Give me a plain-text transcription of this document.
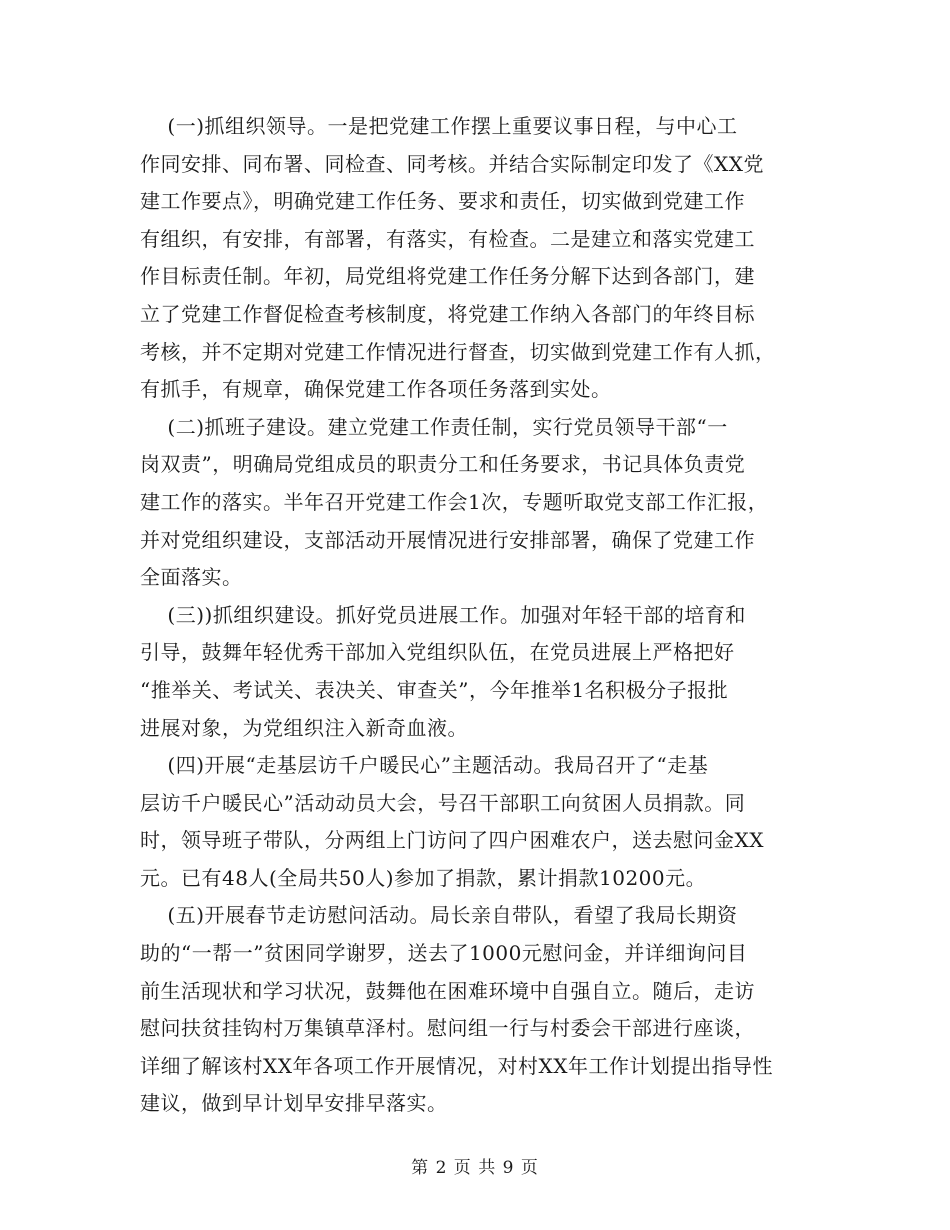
(一)抓组织领导。一是把党建工作摆上重要议事日程，与中心工
作同安排、同布署、同检查、同考核。并结合实际制定印发了《XX党
建工作要点》，明确党建工作任务、要求和责任，切实做到党建工作
有组织，有安排，有部署，有落实，有检查。二是建立和落实党建工
作目标责任制。年初，局党组将党建工作任务分解下达到各部门，建
立了党建工作督促检查考核制度，将党建工作纳入各部门的年终目标
考核，并不定期对党建工作情况进行督查，切实做到党建工作有人抓，
有抓手，有规章，确保党建工作各项任务落到实处。
(二)抓班子建设。建立党建工作责任制，实行党员领导干部“一
岗双责”，明确局党组成员的职责分工和任务要求，书记具体负责党
建工作的落实。半年召开党建工作会1次，专题听取党支部工作汇报，
并对党组织建设，支部活动开展情况进行安排部署，确保了党建工作
全面落实。
(三))抓组织建设。抓好党员进展工作。加强对年轻干部的培育和
引导，鼓舞年轻优秀干部加入党组织队伍，在党员进展上严格把好
“推举关、考试关、表决关、审查关”，今年推举1名积极分子报批
进展对象，为党组织注入新奇血液。
(四)开展“走基层访千户暖民心”主题活动。我局召开了“走基
层访千户暖民心”活动动员大会，号召干部职工向贫困人员捐款。同
时，领导班子带队，分两组上门访问了四户困难农户，送去慰问金XX
元。已有48人(全局共50人)参加了捐款，累计捐款10200元。
(五)开展春节走访慰问活动。局长亲自带队，看望了我局长期资
助的“一帮一”贫困同学谢罗，送去了1000元慰问金，并详细询问目
前生活现状和学习状况，鼓舞他在困难环境中自强自立。随后，走访
慰问扶贫挂钩村万集镇草泽村。慰问组一行与村委会干部进行座谈，
详细了解该村XX年各项工作开展情况，对村XX年工作计划提出指导性
建议，做到早计划早安排早落实。
第 2 页 共 9 页
